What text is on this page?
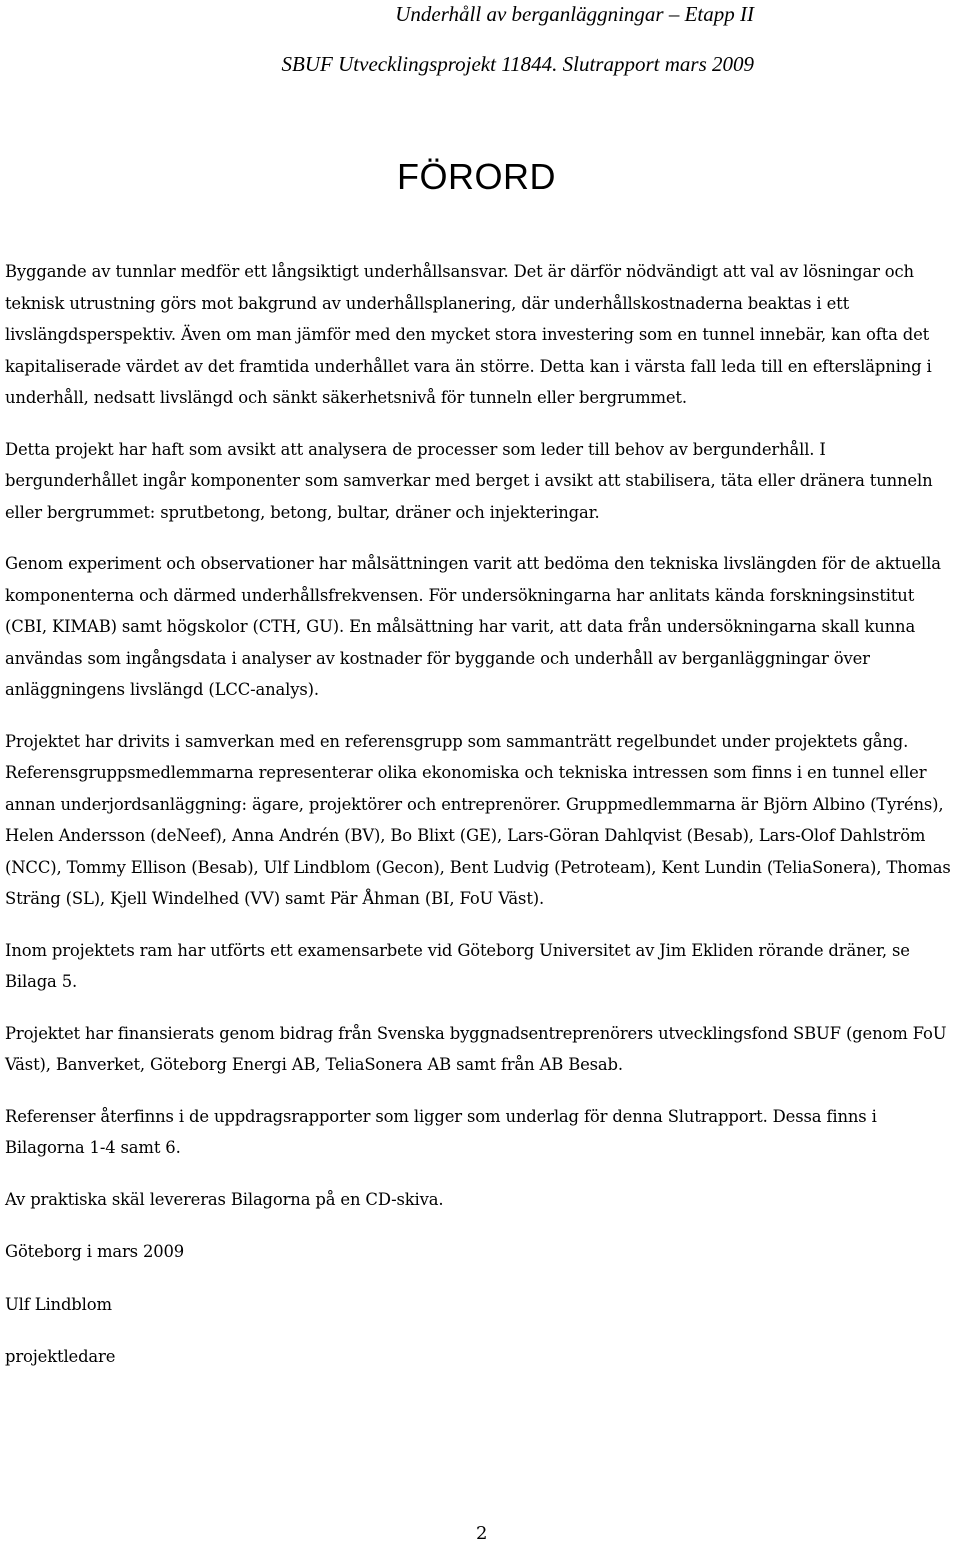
Underhåll av berganläggningar – Etapp II
SBUF Utvecklingsprojekt 11844. Slutrapport mars 2009
FÖRORD

Byggande av tunnlar medför ett långsiktigt underhållsansvar. Det är därför nödvändigt att val av lösningar och teknisk utrustning görs mot bakgrund av underhållsplanering, där underhållskostnaderna beaktas i ett livslängdsperspektiv. Även om man jämför med den mycket stora investering som en tunnel innebär, kan ofta det kapitaliserade värdet av det framtida underhållet vara än större. Detta kan i värsta fall leda till en eftersläpning i underhåll, nedsatt livslängd och sänkt säkerhetsnivå för tunneln eller bergrummet.

Detta projekt har haft som avsikt att analysera de processer som leder till behov av bergunderhåll. I bergunderhållet ingår komponenter som samverkar med berget i avsikt att stabilisera, täta eller dränera tunneln eller bergrummet: sprutbetong, betong, bultar, dräner och injekteringar.

Genom experiment och observationer har målsättningen varit att bedöma den tekniska livslängden för de aktuella komponenterna och därmed underhållsfrekvensen. För undersökningarna har anlitats kända forskningsinstitut (CBI, KIMAB) samt högskolor (CTH, GU). En målsättning har varit, att data från undersökningarna skall kunna användas som ingångsdata i analyser av kostnader för byggande och underhåll av berganläggningar över anläggningens livslängd (LCC-analys).

Projektet har drivits i samverkan med en referensgrupp som sammanträtt regelbundet under projektets gång. Referensgruppsmedlemmarna representerar olika ekonomiska och tekniska intressen som finns i en tunnel eller annan underjordsanläggning: ägare, projektörer och entreprenörer. Gruppmedlemmarna är Björn Albino (Tyréns), Helen Andersson (deNeef), Anna Andrén (BV), Bo Blixt (GE), Lars-Göran Dahlqvist (Besab), Lars-Olof Dahlström (NCC), Tommy Ellison (Besab), Ulf Lindblom (Gecon), Bent Ludvig (Petroteam), Kent Lundin (TeliaSonera), Thomas Sträng (SL), Kjell Windelhed (VV) samt Pär Åhman (BI, FoU Väst).

Inom projektets ram har utförts ett examensarbete vid Göteborg Universitet av Jim Ekliden rörande dräner, se Bilaga 5.

Projektet har finansierats genom bidrag från Svenska byggnadsentreprenörers utvecklingsfond SBUF (genom FoU Väst), Banverket, Göteborg Energi AB, TeliaSonera AB samt från AB Besab.

Referenser återfinns i de uppdragsrapporter som ligger som underlag för denna Slutrapport. Dessa finns i Bilagorna 1-4 samt 6.

Av praktiska skäl levereras Bilagorna på en CD-skiva.

Göteborg i mars 2009

Ulf Lindblom

projektledare

2
